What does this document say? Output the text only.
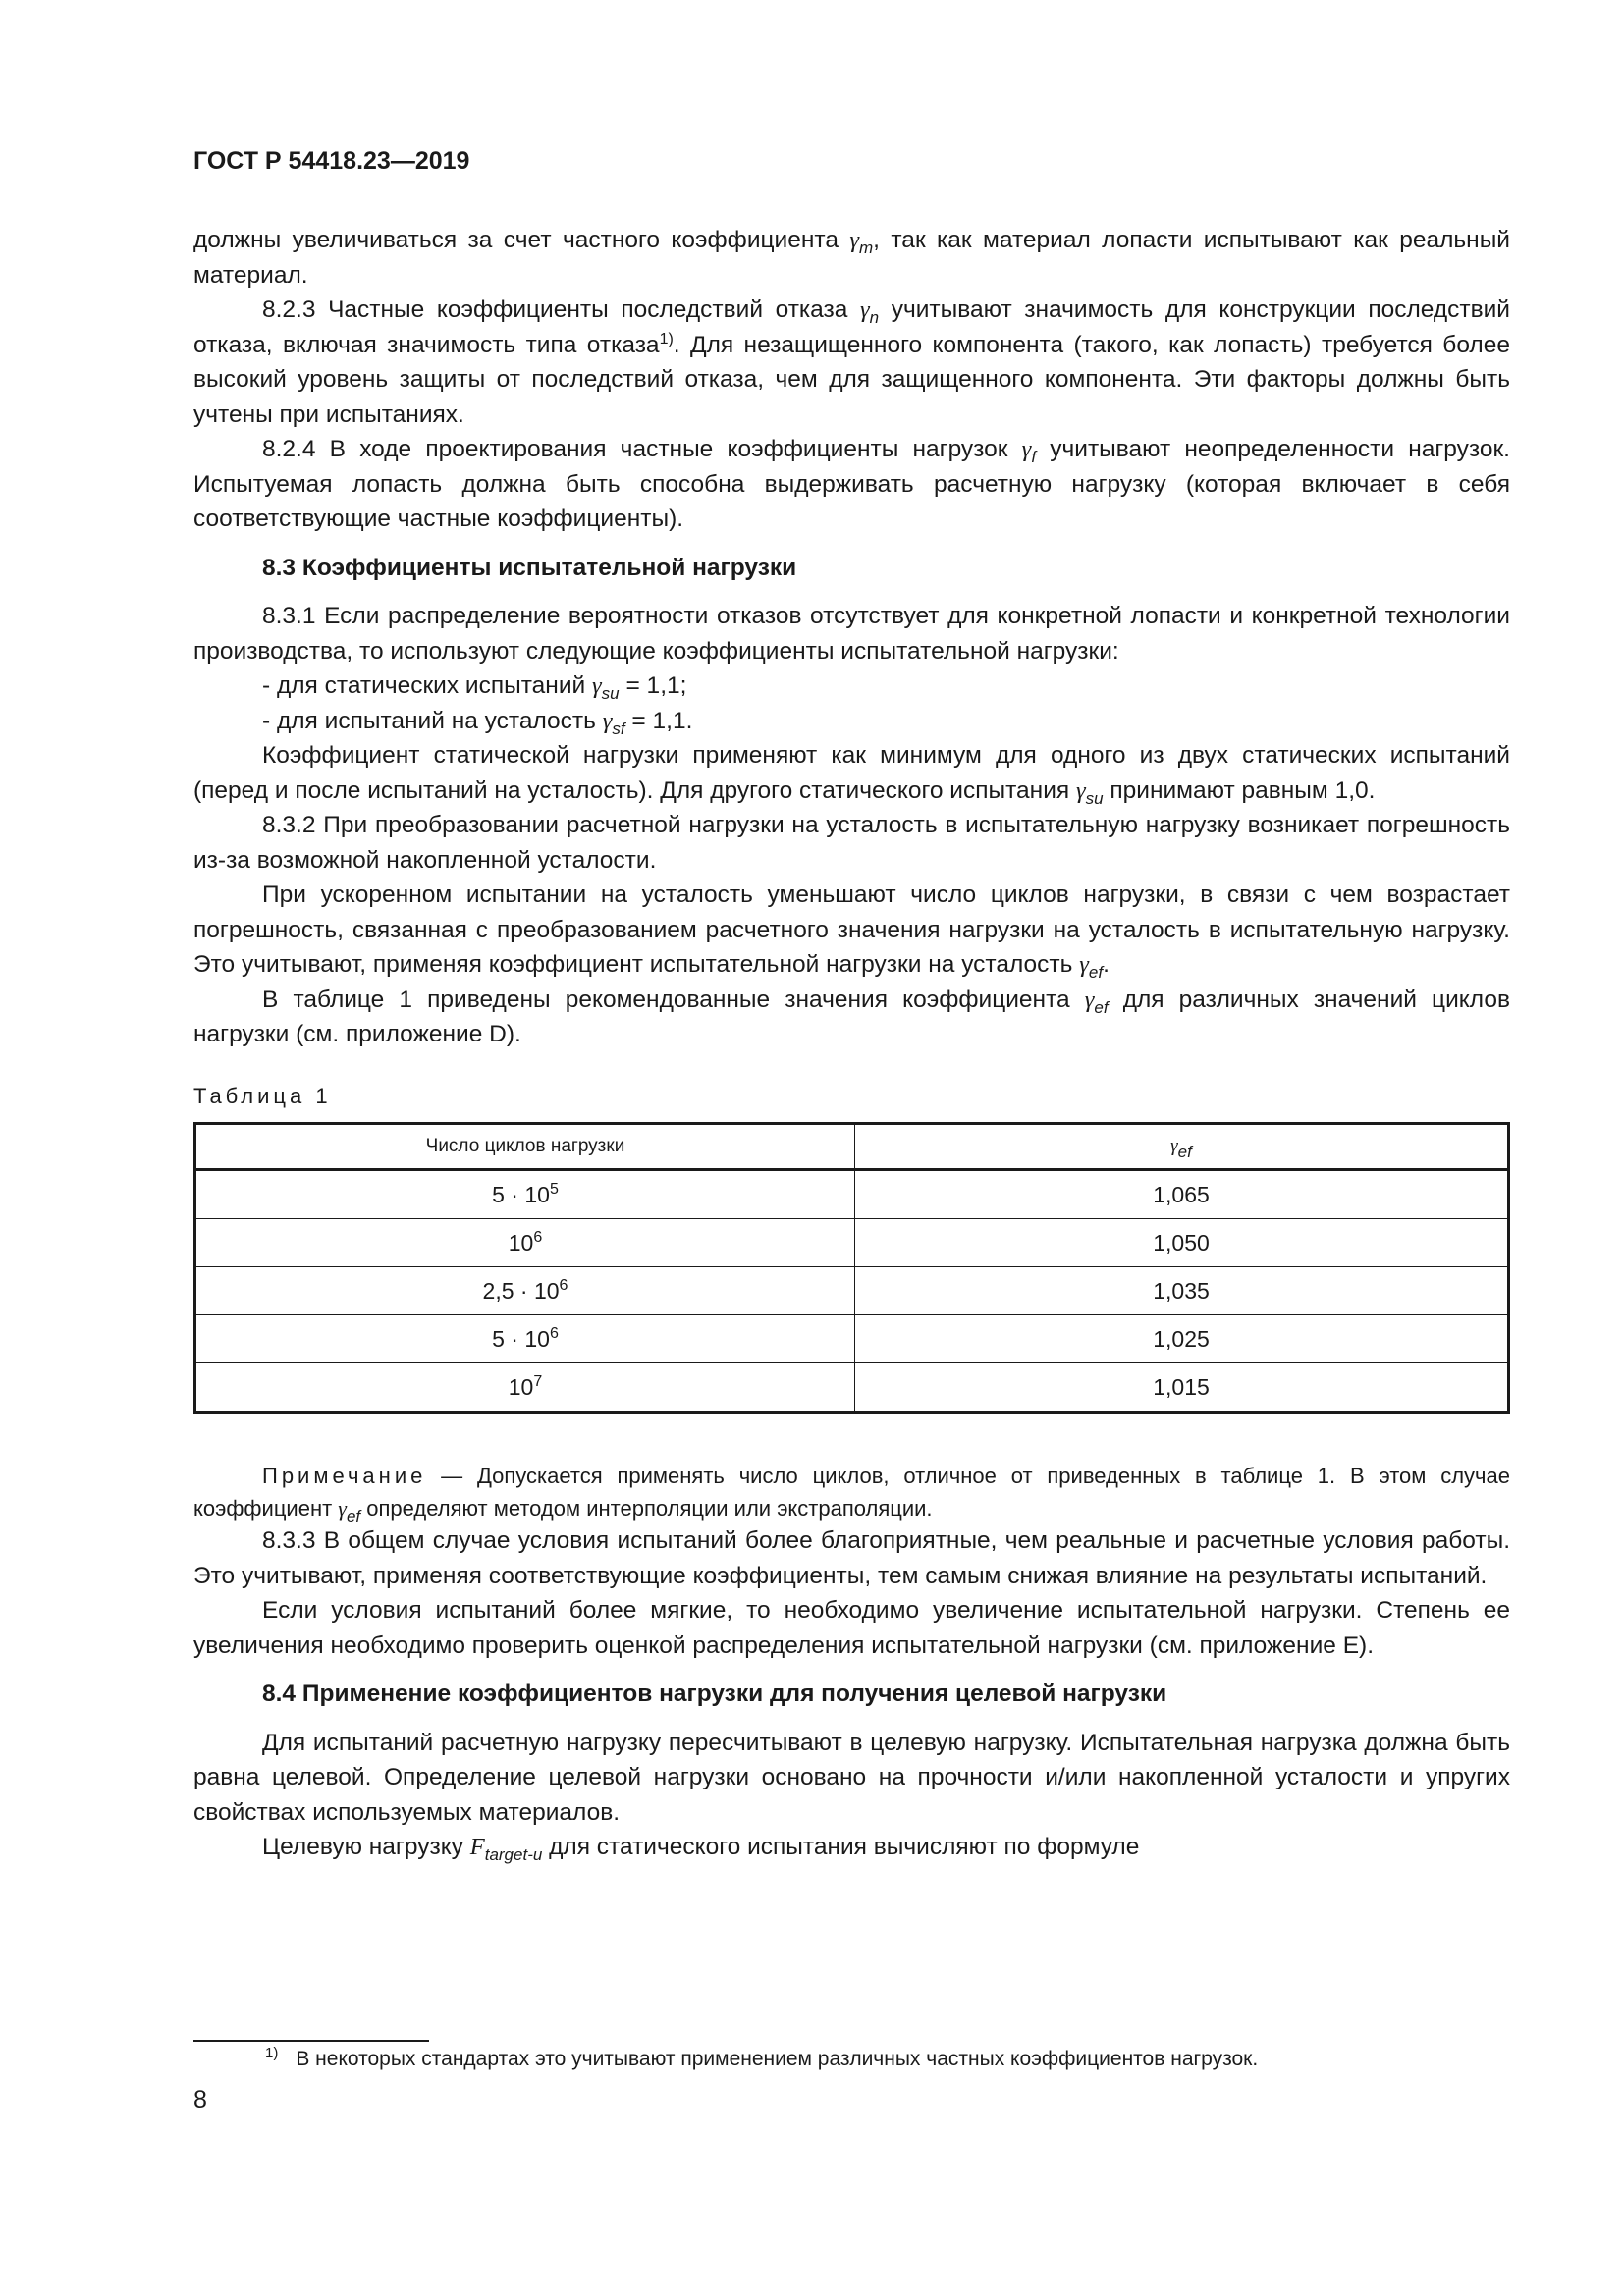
ГОСТ Р 54418.23—2019

должны увеличиваться за счет частного коэффициента $\gamma_m$, так как материал лопасти испытывают как реальный материал.

8.2.3 Частные коэффициенты последствий отказа $\gamma_n$ учитывают значимость для конструкции последствий отказа, включая значимость типа отказа$^{1)}$. Для незащищенного компонента (такого, как лопасть) требуется более высокий уровень защиты от последствий отказа, чем для защищенного компонента. Эти факторы должны быть учтены при испытаниях.

8.2.4 В ходе проектирования частные коэффициенты нагрузок $\gamma_f$ учитывают неопределенности нагрузок. Испытуемая лопасть должна быть способна выдерживать расчетную нагрузку (которая включает в себя соответствующие частные коэффициенты).

8.3 Коэффициенты испытательной нагрузки

8.3.1 Если распределение вероятности отказов отсутствует для конкретной лопасти и конкретной технологии производства, то используют следующие коэффициенты испытательной нагрузки:

- для статических испытаний $\gamma_{su} = 1,1$;

- для испытаний на усталость $\gamma_{sf} = 1,1$.

Коэффициент статической нагрузки применяют как минимум для одного из двух статических испытаний (перед и после испытаний на усталость). Для другого статического испытания $\gamma_{su}$ принимают равным 1,0.

8.3.2 При преобразовании расчетной нагрузки на усталость в испытательную нагрузку возникает погрешность из-за возможной накопленной усталости.

При ускоренном испытании на усталость уменьшают число циклов нагрузки, в связи с чем возрастает погрешность, связанная с преобразованием расчетного значения нагрузки на усталость в испытательную нагрузку. Это учитывают, применяя коэффициент испытательной нагрузки на усталость $\gamma_{ef}$.

В таблице 1 приведены рекомендованные значения коэффициента $\gamma_{ef}$ для различных значений циклов нагрузки (см. приложение D).

Таблица 1
Число циклов нагрузки	$\gamma_{ef}$
$5 \cdot 10^5$	1,065
$10^6$	1,050
$2,5 \cdot 10^6$	1,035
$5 \cdot 10^6$	1,025
$10^7$	1,015

Примечание — Допускается применять число циклов, отличное от приведенных в таблице 1. В этом случае коэффициент $\gamma_{ef}$ определяют методом интерполяции или экстраполяции.

8.3.3 В общем случае условия испытаний более благоприятные, чем реальные и расчетные условия работы. Это учитывают, применяя соответствующие коэффициенты, тем самым снижая влияние на результаты испытаний.

Если условия испытаний более мягкие, то необходимо увеличение испытательной нагрузки. Степень ее увеличения необходимо проверить оценкой распределения испытательной нагрузки (см. приложение E).

8.4 Применение коэффициентов нагрузки для получения целевой нагрузки

Для испытаний расчетную нагрузку пересчитывают в целевую нагрузку. Испытательная нагрузка должна быть равна целевой. Определение целевой нагрузки основано на прочности и/или накопленной усталости и упругих свойствах используемых материалов.

Целевую нагрузку $F_{target-u}$ для статического испытания вычисляют по формуле

$^{1)}$ В некоторых стандартах это учитывают применением различных частных коэффициентов нагрузок.
8
